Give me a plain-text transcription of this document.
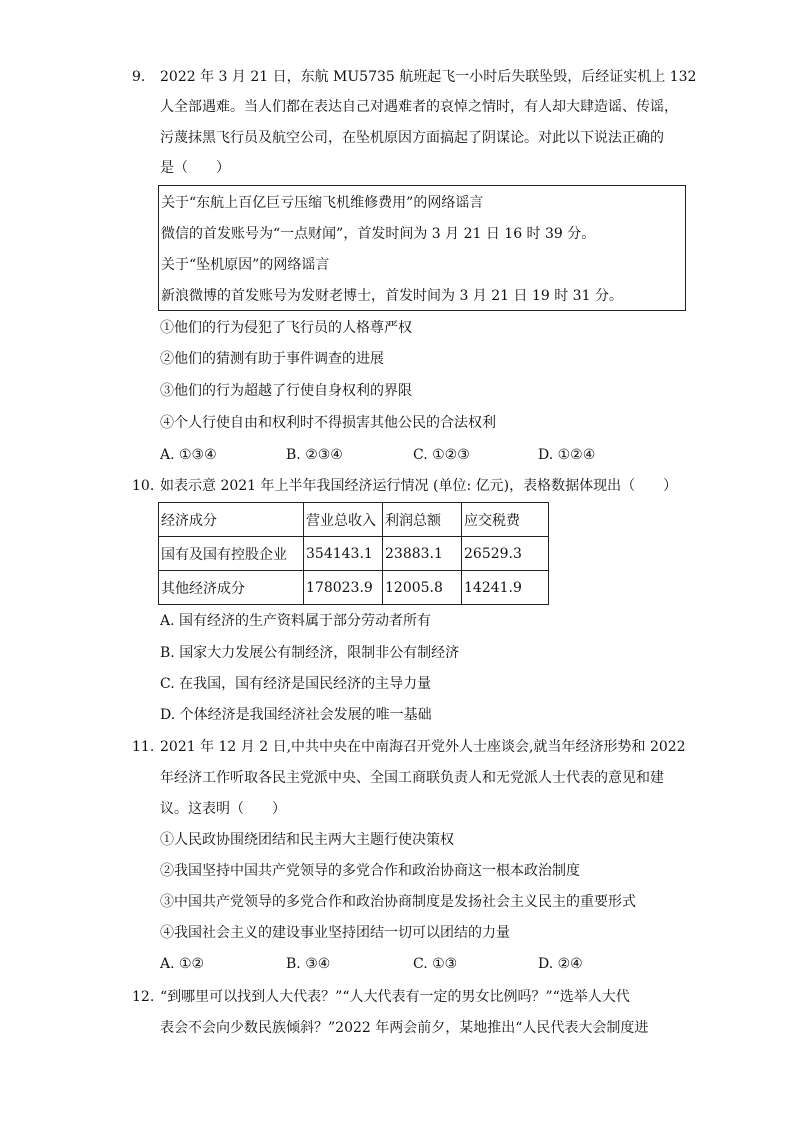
9.	2022 年 3 月 21 日，东航 MU5735 航班起飞一小时后失联坠毁，后经证实机上 132
人全部遇难。当人们都在表达自己对遇难者的哀悼之情时，有人却大肆造谣、传谣，
污蔑抹黑飞行员及航空公司，在坠机原因方面搞起了阴谋论。对此以下说法正确的
是（　　）
关于“东航上百亿巨亏压缩飞机维修费用”的网络谣言
微信的首发账号为“一点财闻”，首发时间为 3 月 21 日 16 时 39 分。
关于“坠机原因”的网络谣言
新浪微博的首发账号为发财老博士，首发时间为 3 月 21 日 19 时 31 分。
①他们的行为侵犯了飞行员的人格尊严权
②他们的猜测有助于事件调查的进展
③他们的行为超越了行使自身权利的界限
④个人行使自由和权利时不得损害其他公民的合法权利
A. ①③④	B. ②③④	C. ①②③	D. ①②④
10. 如表示意 2021 年上半年我国经济运行情况 (单位: 亿元)，表格数据体现出（　　）
经济成分	营业总收入	利润总额	应交税费
国有及国有控股企业	354143.1	23883.1	26529.3
其他经济成分	178023.9	12005.8	14241.9
A. 国有经济的生产资料属于部分劳动者所有
B. 国家大力发展公有制经济，限制非公有制经济
C. 在我国，国有经济是国民经济的主导力量
D. 个体经济是我国经济社会发展的唯一基础
11. 2021 年 12 月 2 日,中共中央在中南海召开党外人士座谈会,就当年经济形势和 2022
年经济工作听取各民主党派中央、全国工商联负责人和无党派人士代表的意见和建
议。这表明（　　）
①人民政协围绕团结和民主两大主题行使决策权
②我国坚持中国共产党领导的多党合作和政治协商这一根本政治制度
③中国共产党领导的多党合作和政治协商制度是发扬社会主义民主的重要形式
④我国社会主义的建设事业坚持团结一切可以团结的力量
A. ①②	B. ③④	C. ①③	D. ②④
12. “到哪里可以找到人大代表？”“人大代表有一定的男女比例吗？”“选举人大代
表会不会向少数民族倾斜？”2022 年两会前夕，某地推出“人民代表大会制度进
